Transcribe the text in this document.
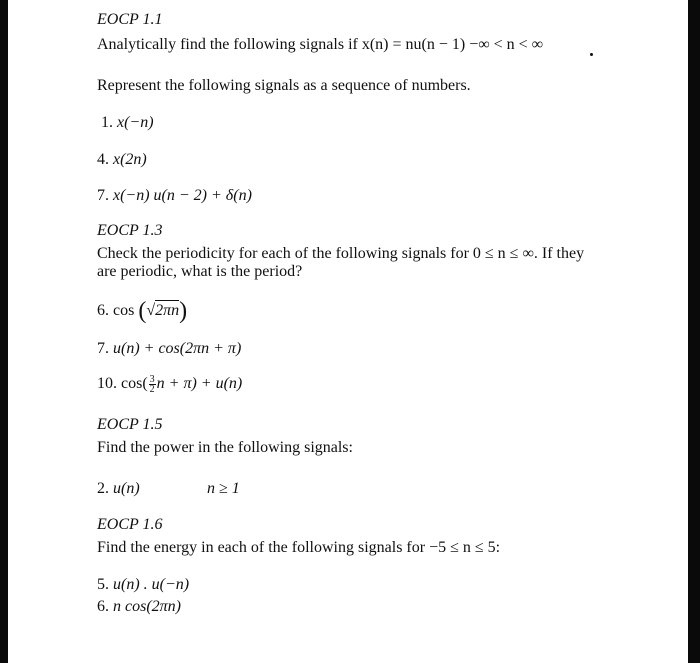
EOCP 1.1
Analytically find the following signals if x(n) = nu(n − 1) −∞ < n < ∞
Represent the following signals as a sequence of numbers.
1. x(−n)
4. x(2n)
7. x(−n) u(n − 2) + δ(n)
EOCP 1.3
Check the periodicity for each of the following signals for 0 ≤ n ≤ ∞. If they
are periodic, what is the period?
6. cos (√2πn)
7. u(n) + cos(2πn + π)
10. $\cos( \frac{3}{2}$ n + π) + u(n)
EOCP 1.5
Find the power in the following signals:
2. u(n)	n ≥ 1
EOCP 1.6
Find the energy in each of the following signals for −5 ≤ n ≤ 5:
5. u(n) . u(−n)
6. n cos(2πn)
